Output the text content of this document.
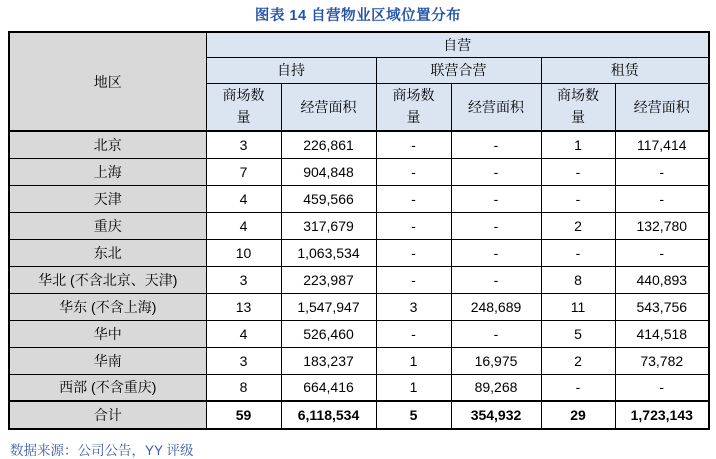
图表 14 自营物业区域位置分布
地区	自营					
	自持		联营合营		租赁	
	商场数量	经营面积	商场数量	经营面积	商场数量	经营面积
北京	3	226,861	-	-	1	117,414
上海	7	904,848	-	-	-	-
天津	4	459,566	-	-	-	-
重庆	4	317,679	-	-	2	132,780
东北	10	1,063,534	-	-	-	-
华北 (不含北京、天津)	3	223,987	-	-	8	440,893
华东 (不含上海)	13	1,547,947	3	248,689	11	543,756
华中	4	526,460	-	-	5	414,518
华南	3	183,237	1	16,975	2	73,782
西部 (不含重庆)	8	664,416	1	89,268	-	-
合计	59	6,118,534	5	354,932	29	1,723,143
数据来源：公司公告，YY 评级
